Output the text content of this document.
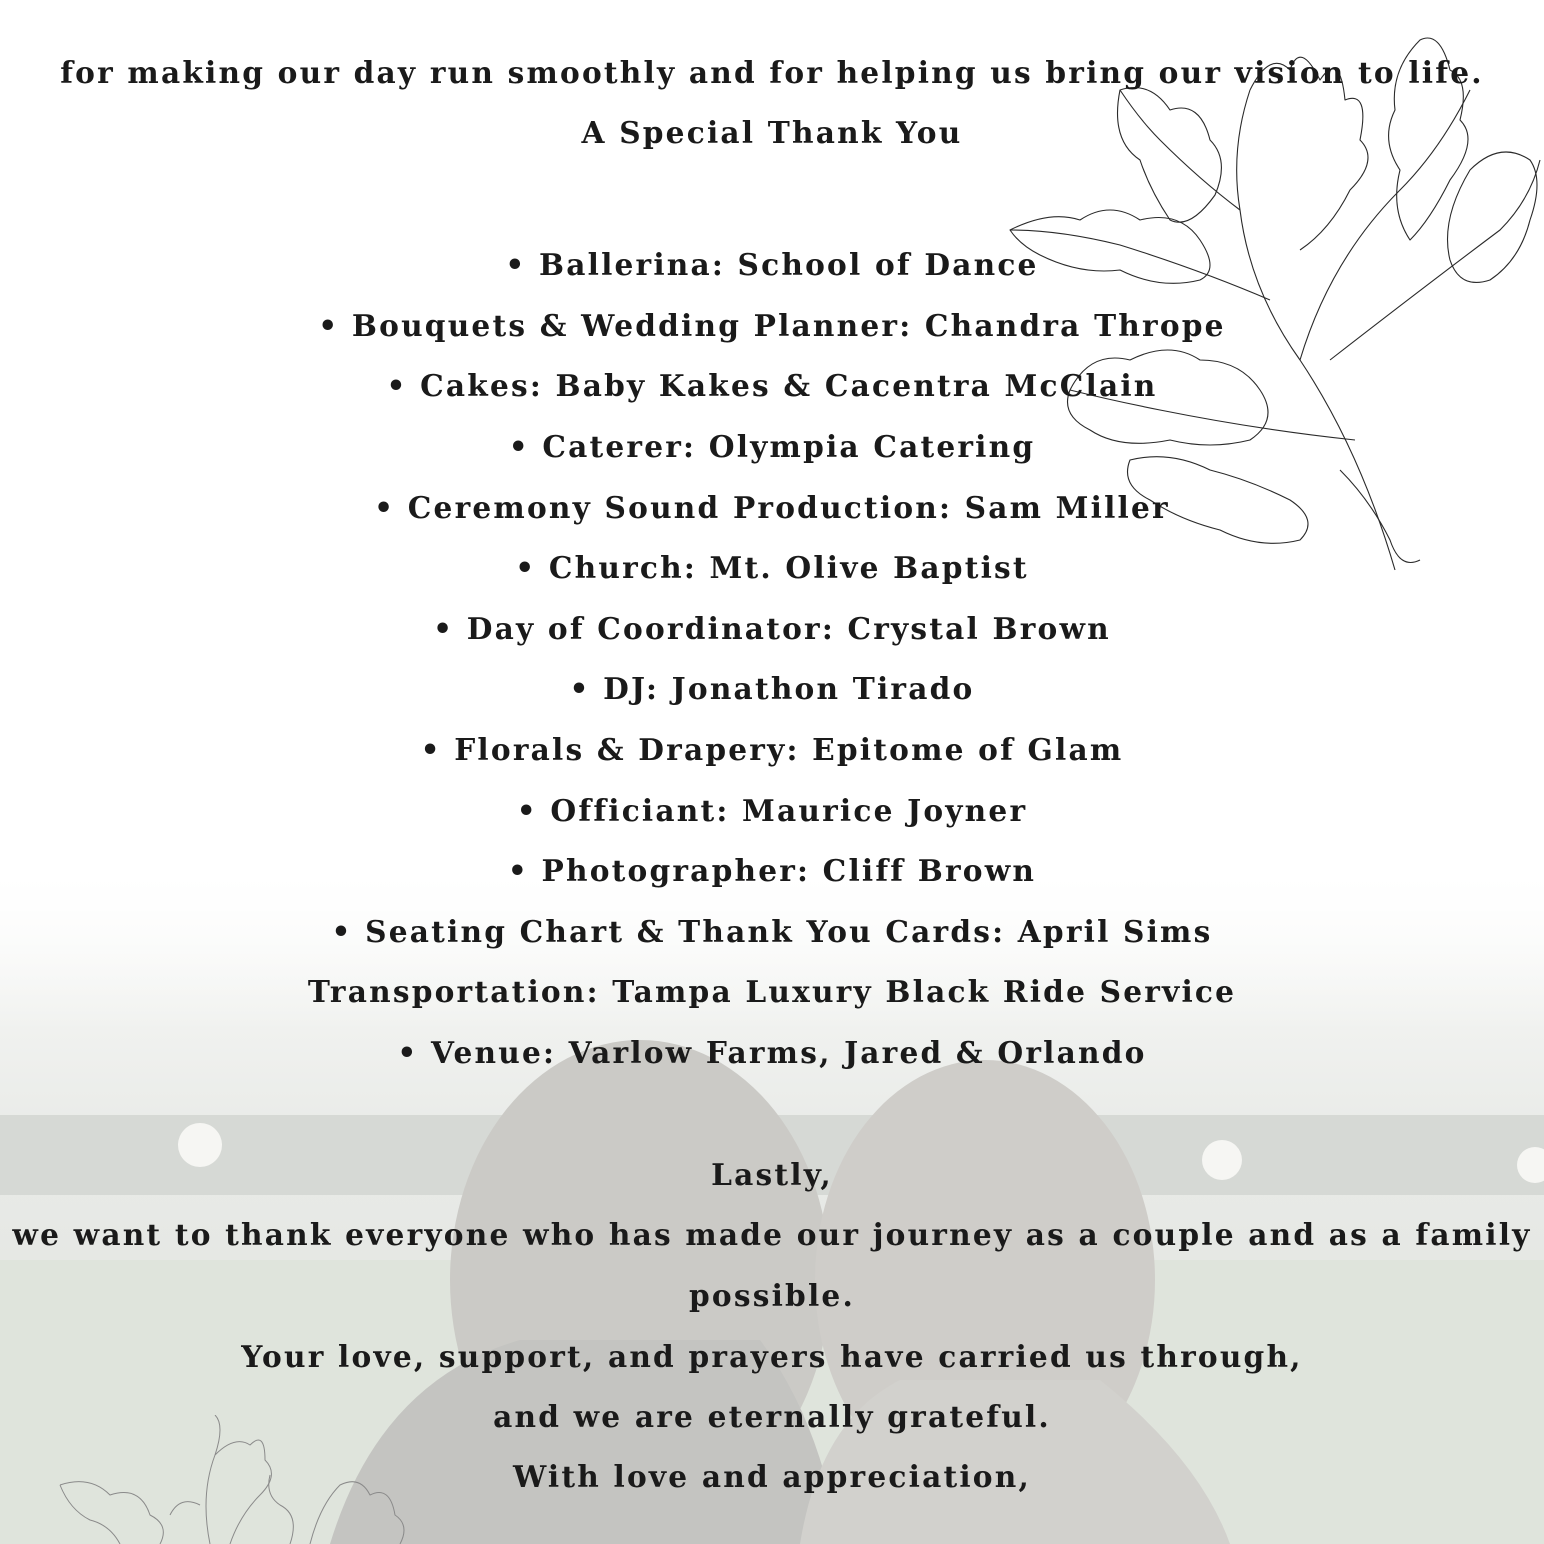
for making our day run smoothly and for helping us bring our vision to life.
A Special Thank You
• Ballerina: School of Dance
• Bouquets & Wedding Planner: Chandra Thrope
• Cakes: Baby Kakes & Cacentra McClain
• Caterer: Olympia Catering
• Ceremony Sound Production: Sam Miller
• Church: Mt. Olive Baptist
• Day of Coordinator: Crystal Brown
• DJ: Jonathon Tirado
• Florals & Drapery: Epitome of Glam
• Officiant: Maurice Joyner
• Photographer: Cliff Brown
• Seating Chart & Thank You Cards: April Sims
Transportation: Tampa Luxury Black Ride Service
• Venue: Varlow Farms, Jared & Orlando
Lastly,
we want to thank everyone who has made our journey as a couple and as a family
possible.
Your love, support, and prayers have carried us through,
and we are eternally grateful.
With love and appreciation,
